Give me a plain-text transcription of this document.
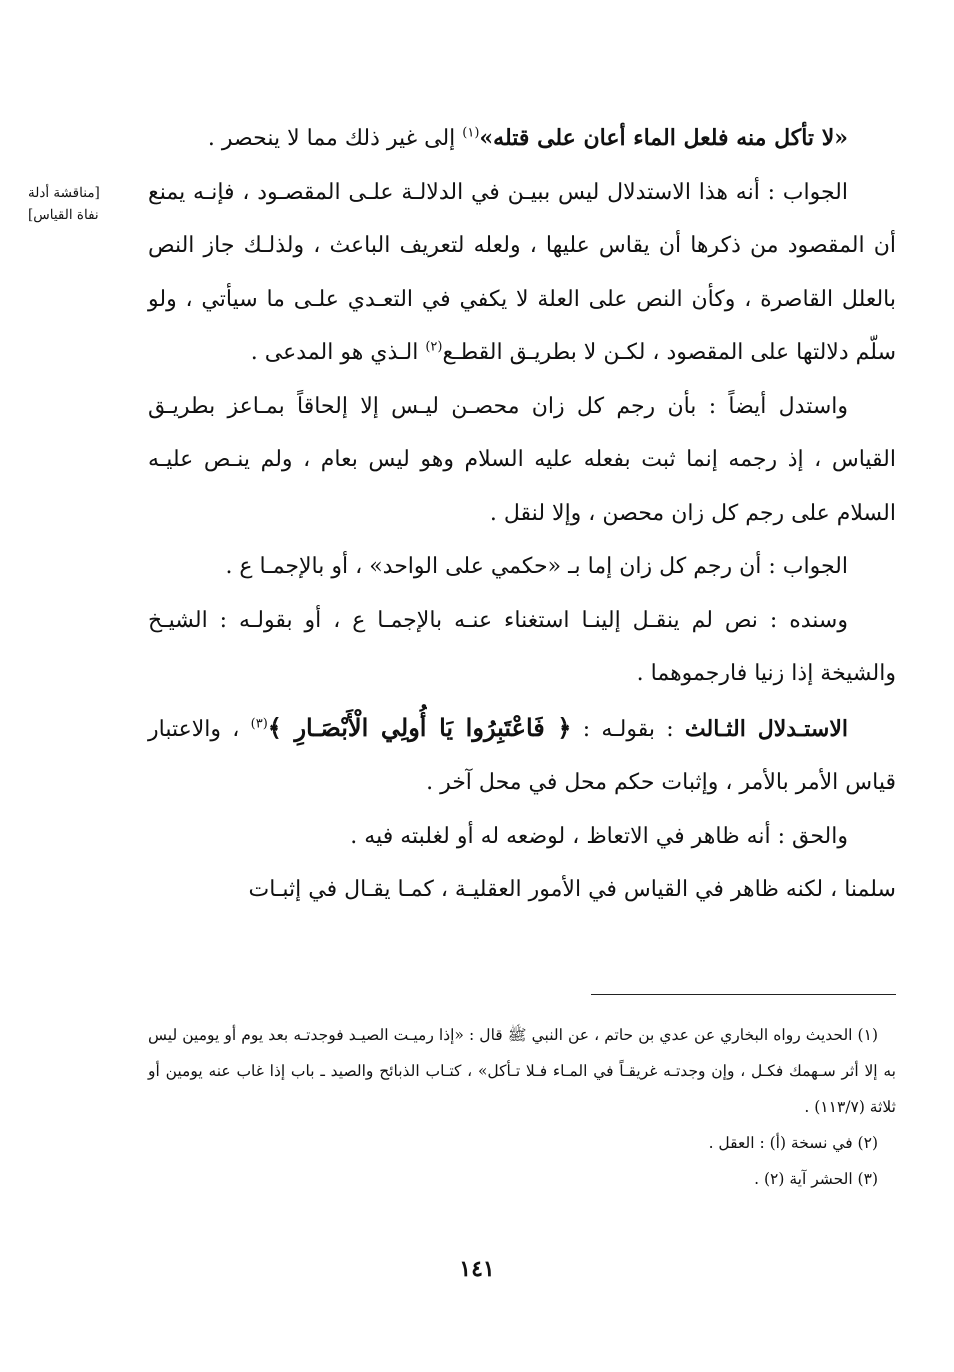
[مناقشة أدلة
نفاة القياس]

«لا تأكل منه فلعل الماء أعان على قتله»$^{(١)}$ إلى غير ذلك مما لا ينحصر .

الجواب : أنه هذا الاستدلال ليس ببيـن في الدلالـة علـى المقصـود ، فإنـه يمنع أن المقصود من ذكرها أن يقاس عليها ، ولعله لتعريف الباعث ، ولذلـك جاز النص بالعلل القاصرة ، وكأن النص على العلة لا يكفي في التعـدي علـى ما سيأتي ، ولو سلّم دلالتها على المقصود ، لكـن لا بطريـق القطـع$^{(٢)}$ الـذي هو المدعى .

واستدل أيضاً : بأن رجم كل زان محصـن ليـس إلا إلحاقاً بمـاعز بطريـق القياس ، إذ رجمه إنما ثبت بفعله عليه السلام وهو ليس بعام ، ولم ينـص عليـه السلام على رجم كل زان محصن ، وإلا لنقل .

الجواب : أن رجم كل زان إما بـ «حكمي على الواحد» ، أو بالإجمـا ع .

وسنده : نص لم ينقـل إلينـا استغناء عنـه بالإجمـا ع ، أو بقولـه : الشيـخ والشيخة إذا زنيا فارجموهما .

الاستـدلال الثـالث : بقولـه : ﴿ فَاعْتَبِرُوا يَا أُولِي الْأَبْصَـارِ ﴾$^{(٣)}$ ، والاعتبار قياس الأمر بالأمر ، وإثبات حكم محل في محل آخر .

والحق : أنه ظاهر في الاتعاظ ، لوضعه له أو لغلبته فيه .

سلمنا ، لكنه ظاهر في القياس في الأمور العقليـة ، كمـا يقـال في إثبـات

(١) الحديث رواه البخاري عن عدي بن حاتم ، عن النبي ﷺ قال : «إذا رميـت الصيـد فوجدتـه بعد يوم أو يومين ليس به إلا أثر سـهمك فكـل ، وإن وجدتـه غريقـاً في المـاء فـلا تـأكل» ، كتـاب الذبائح والصيد ـ باب إذا غاب عنه يومين أو ثلاثة (١١٣/٧) .

(٢) في نسخة (أ) : العقل .

(٣) الحشر آية (٢) .

١٤١
